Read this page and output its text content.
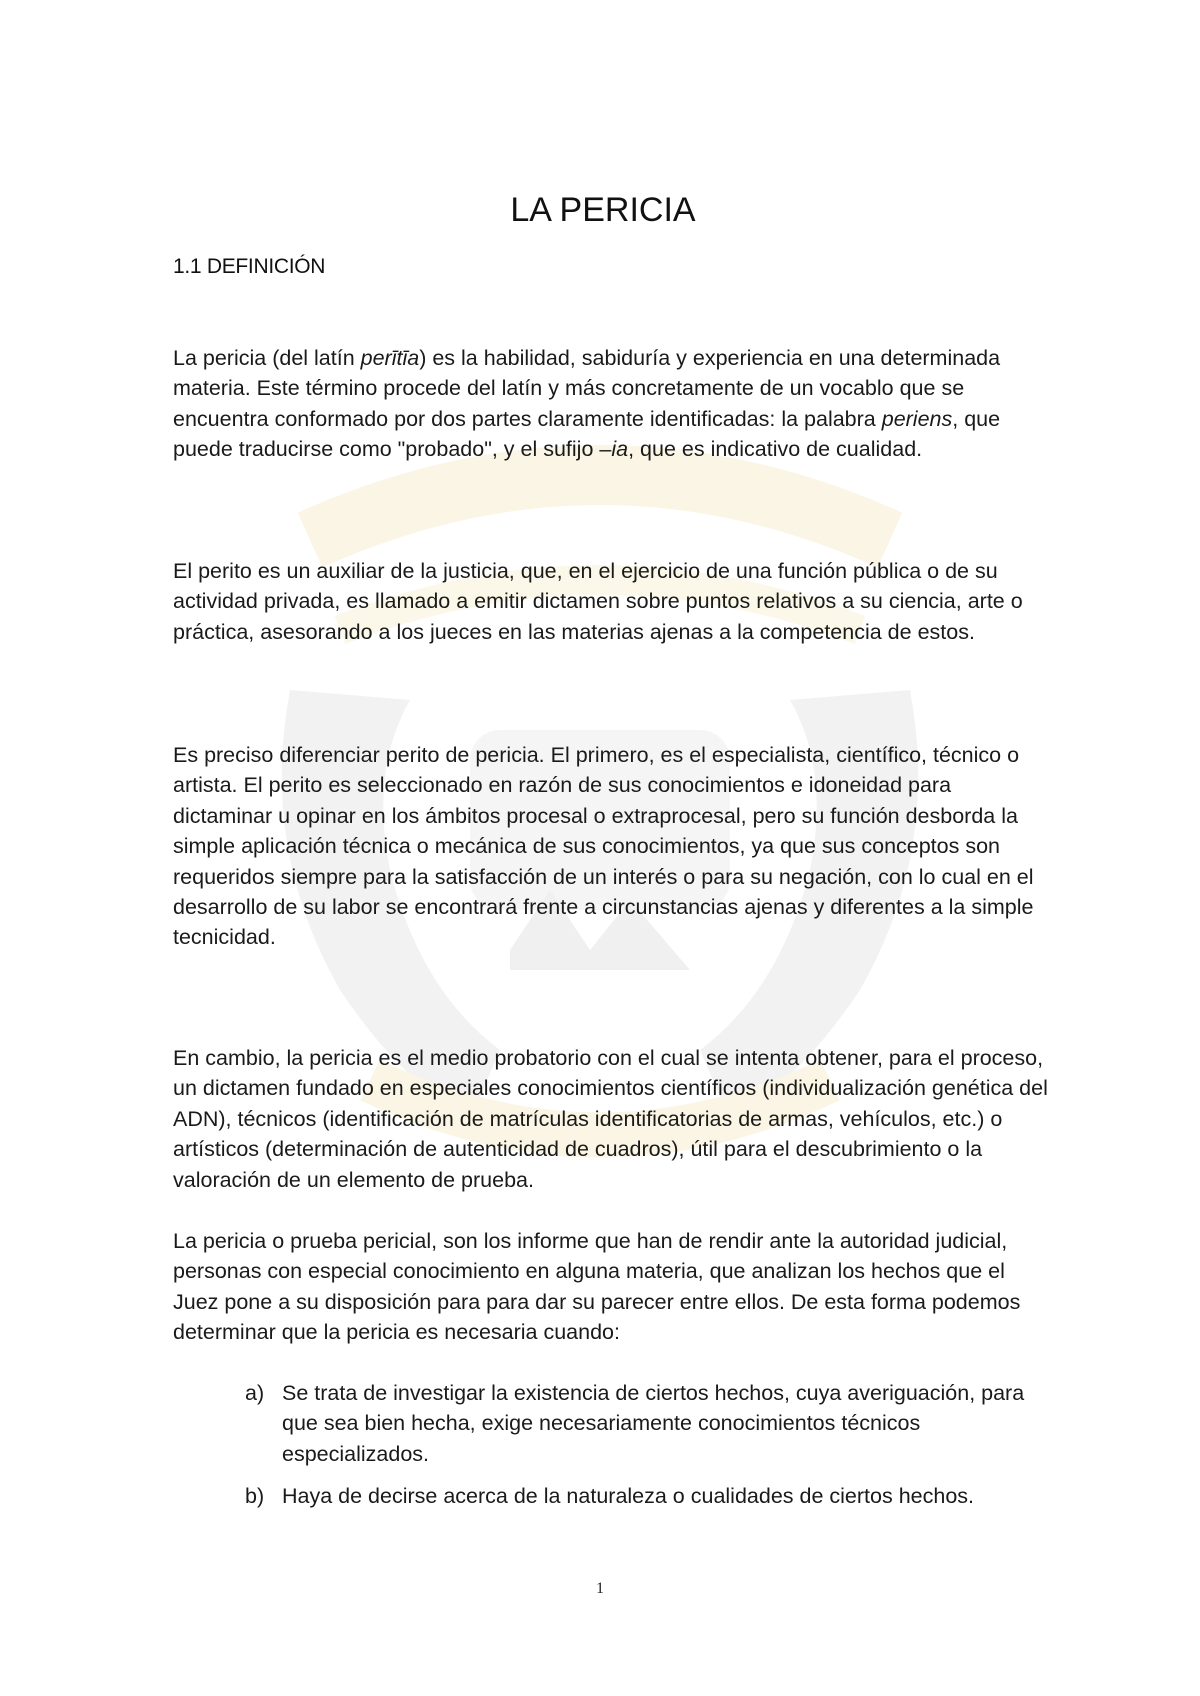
LA PERICIA
1.1 DEFINICIÓN

La pericia (del latín perītīa) es la habilidad, sabiduría y experiencia en una determinada materia. Este término procede del latín y más concretamente de un vocablo que se encuentra conformado por dos partes claramente identificadas: la palabra periens, que puede traducirse como "probado", y el sufijo –ia, que es indicativo de cualidad.

El perito es un auxiliar de la justicia, que, en el ejercicio de una función pública o de su actividad privada, es llamado a emitir dictamen sobre puntos relativos a su ciencia, arte o práctica, asesorando a los jueces en las materias ajenas a la competencia de estos.

Es preciso diferenciar perito de pericia. El primero, es el especialista, científico, técnico o artista. El perito es seleccionado en razón de sus conocimientos e idoneidad para dictaminar u opinar en los ámbitos procesal o extraprocesal, pero su función desborda la simple aplicación técnica o mecánica de sus conocimientos, ya que sus conceptos son requeridos siempre para la satisfacción de un interés o para su negación, con lo cual en el desarrollo de su labor se encontrará frente a circunstancias ajenas y diferentes a la simple tecnicidad.

En cambio, la pericia es el medio probatorio con el cual se intenta obtener, para el proceso, un dictamen fundado en especiales conocimientos científicos (individualización genética del ADN), técnicos (identificación de matrículas identificatorias de armas, vehículos, etc.) o artísticos (determinación de autenticidad de cuadros), útil para el descubrimiento o la valoración de un elemento de prueba.

La pericia o prueba pericial, son los informe que han de rendir ante la autoridad judicial, personas con especial conocimiento en alguna materia, que analizan los hechos que el Juez pone a su disposición para para dar su parecer entre ellos. De esta forma podemos determinar que la pericia es necesaria cuando:

a) Se trata de investigar la existencia de ciertos hechos, cuya averiguación, para que sea bien hecha, exige necesariamente conocimientos técnicos especializados.
b) Haya de decirse acerca de la naturaleza o cualidades de ciertos hechos.
1
